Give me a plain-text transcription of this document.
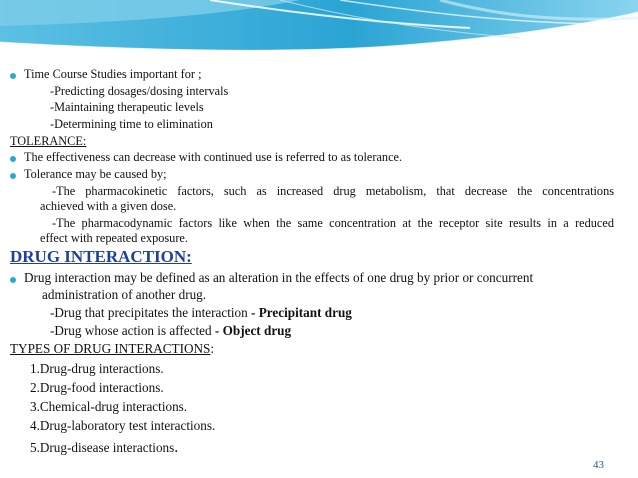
Time Course Studies important for ;
-Predicting dosages/dosing intervals
-Maintaining therapeutic levels
-Determining time to elimination
TOLERANCE:
The effectiveness can decrease with continued use is referred to as tolerance.
Tolerance may be caused by;
-The pharmacokinetic factors, such as increased drug metabolism, that decrease the concentrations
achieved with a given dose.
-The pharmacodynamic factors like when the same concentration at the receptor site results in a reduced
effect with repeated exposure.
DRUG INTERACTION:
Drug interaction may be defined as an alteration in the effects of one drug by prior or concurrent
administration of another drug.
-Drug that precipitates the interaction - Precipitant drug
-Drug whose action is affected - Object drug
TYPES OF DRUG INTERACTIONS:
1.Drug-drug interactions.
2.Drug-food interactions.
3.Chemical-drug interactions.
4.Drug-laboratory test interactions.
5.Drug-disease interactions.
43
